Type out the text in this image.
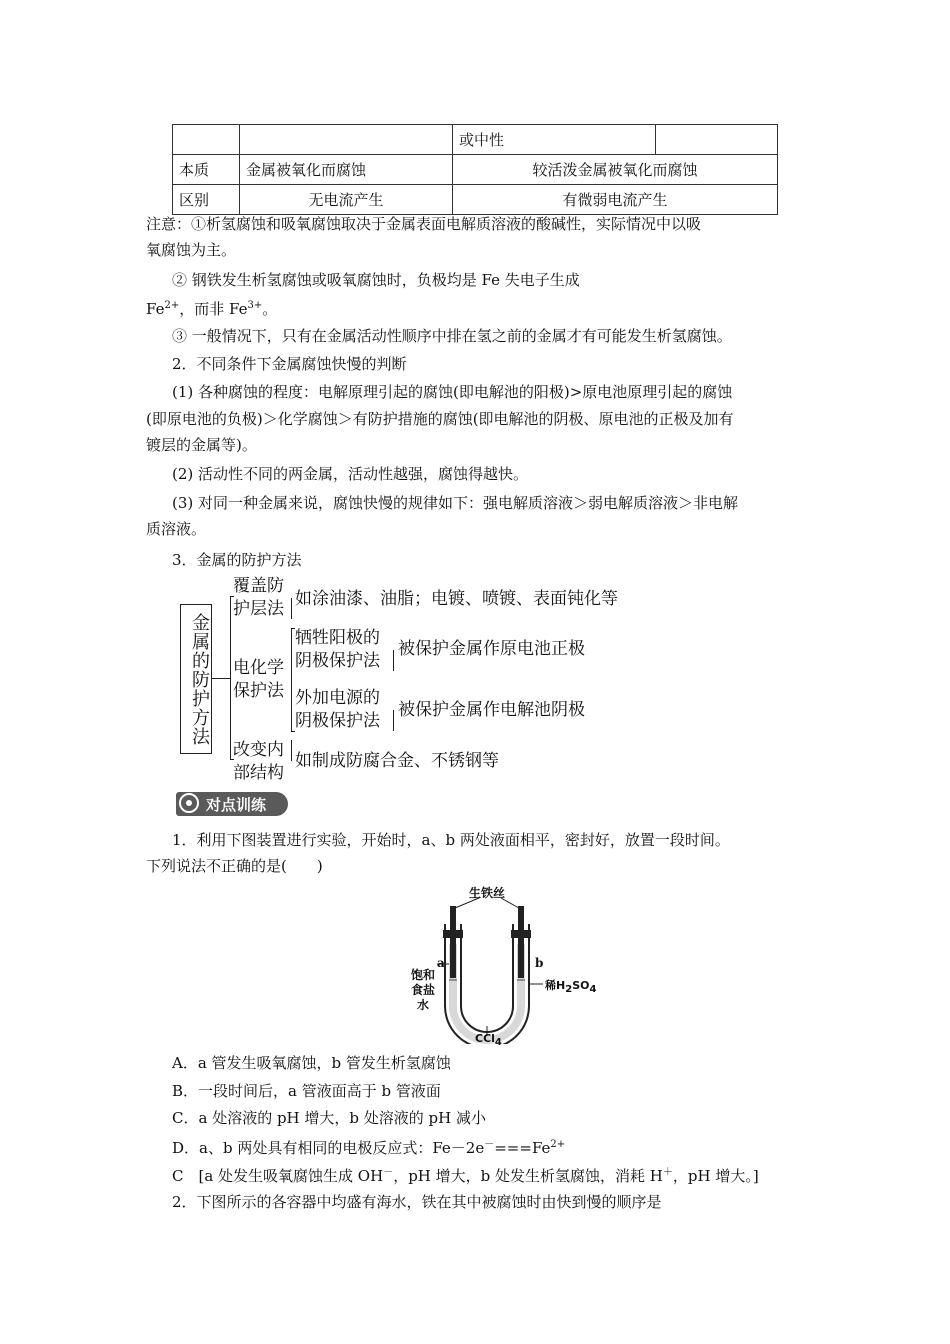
		或中性	
本质	金属被氧化而腐蚀	较活泼金属被氧化而腐蚀	
区别	无电流产生	有微弱电流产生	
注意：①析氢腐蚀和吸氧腐蚀取决于金属表面电解质溶液的酸碱性，实际情况中以吸
氧腐蚀为主。
② 钢铁发生析氢腐蚀或吸氧腐蚀时，负极均是 Fe 失电子生成
$Fe^{2+}$，而非 $Fe^{3+}$。
③ 一般情况下，只有在金属活动性顺序中排在氢之前的金属才有可能发生析氢腐蚀。
2．不同条件下金属腐蚀快慢的判断
(1) 各种腐蚀的程度：电解原理引起的腐蚀(即电解池的阳极)>原电池原理引起的腐蚀
(即原电池的负极)＞化学腐蚀＞有防护措施的腐蚀(即电解池的阴极、原电池的正极及加有
镀层的金属等)。
(2) 活动性不同的两金属，活动性越强，腐蚀得越快。
(3) 对同一种金属来说，腐蚀快慢的规律如下：强电解质溶液＞弱电解质溶液＞非电解
质溶液。
3．金属的防护方法
金属的防护方法
覆盖防
护层法 如涂油漆、油脂；电镀、喷镀、表面钝化等
电化学
保护法
牺牲阳极的
阴极保护法
被保护金属作原电池正极
外加电源的
阴极保护法
被保护金属作电解池阴极
改变内
部结构
如制成防腐合金、不锈钢等
对点训练
1．利用下图装置进行实验，开始时，a、b 两处液面相平，密封好，放置一段时间。
下列说法不正确的是(　　)
生铁丝
a	b
饱和
食盐
水
稀$H_2SO_4$
CCl$_4$
A．a 管发生吸氧腐蚀，b 管发生析氢腐蚀
B．一段时间后，a 管液面高于 b 管液面
C．a 处溶液的 pH 增大，b 处溶液的 pH 减小
D．a、b 两处具有相同的电极反应式：$Fe-2e^-===Fe^{2+}$
C　[a 处发生吸氧腐蚀生成 OH－，pH 增大，b 处发生析氢腐蚀，消耗 H＋，pH 增大。]
2．下图所示的各容器中均盛有海水，铁在其中被腐蚀时由快到慢的顺序是
